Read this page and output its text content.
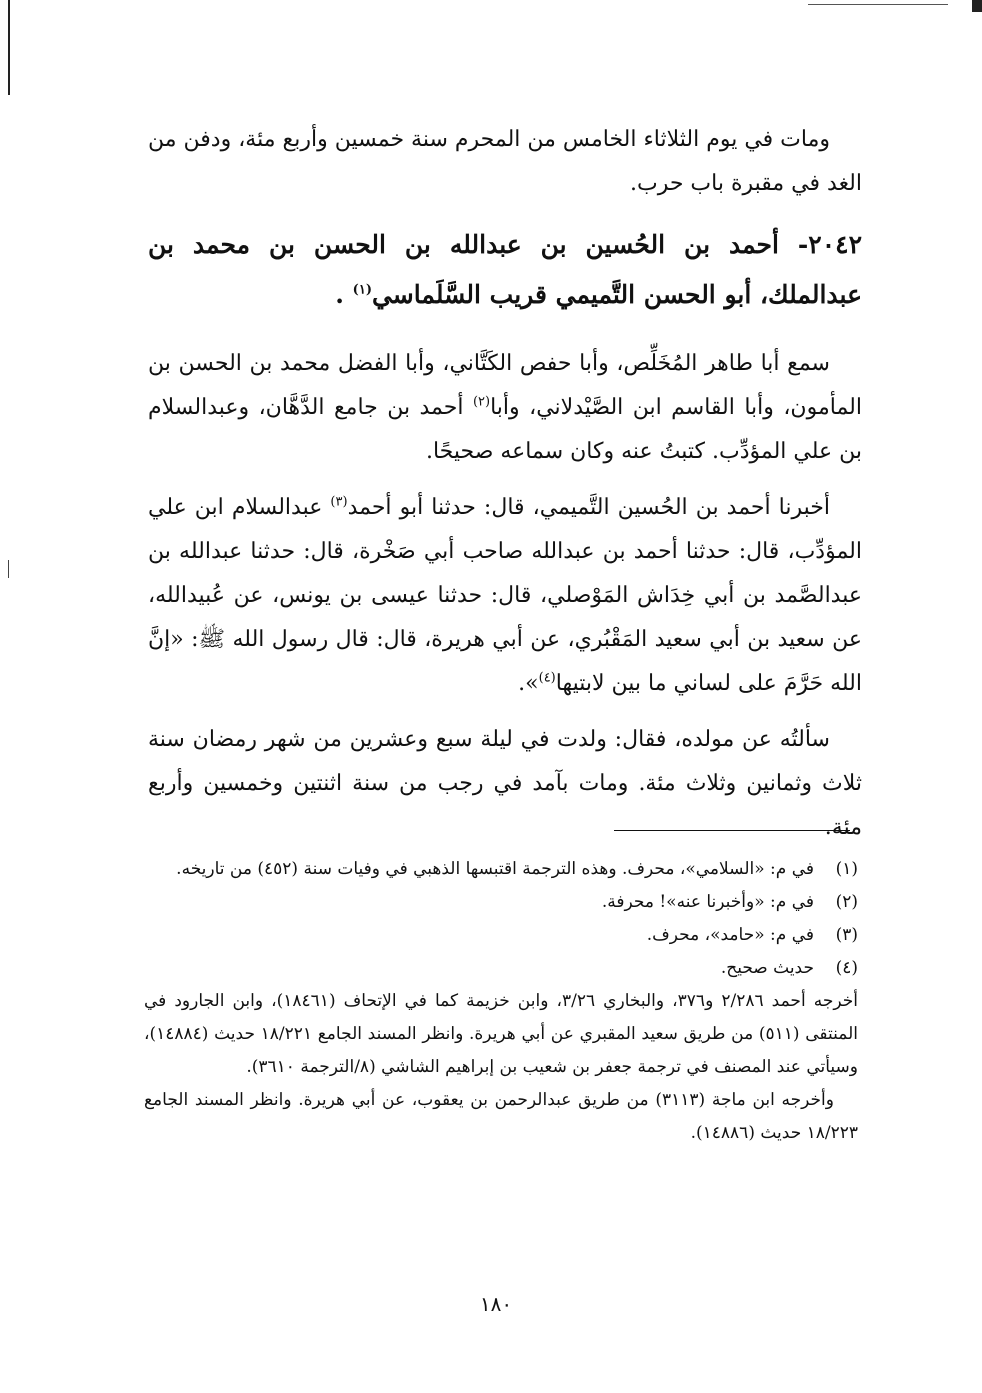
ومات في يوم الثلاثاء الخامس من المحرم سنة خمسين وأربع مئة، ودفن من الغد في مقبرة باب حرب.

٢٠٤٢- أحمد بن الحُسين بن عبدالله بن الحسن بن محمد بن عبدالملك، أبو الحسن التَّميمي قريب السَّلَماسي$^{(١)}$ .

سمع أبا طاهر المُخَلِّص، وأبا حفص الكَتَّاني، وأبا الفضل محمد بن الحسن بن المأمون، وأبا القاسم ابن الصَّيْدلاني، وأبا$^{(٢)}$ أحمد بن جامع الدَّهَّان، وعبدالسلام بن علي المؤدِّب. كتبتُ عنه وكان سماعه صحيحًا.

أخبرنا أحمد بن الحُسين التَّميمي، قال: حدثنا أبو أحمد$^{(٣)}$ عبدالسلام ابن علي المؤدِّب، قال: حدثنا أحمد بن عبدالله صاحب أبي صَخْرة، قال: حدثنا عبدالله بن عبدالصَّمد بن أبي خِدَاش المَوْصلي، قال: حدثنا عيسى بن يونس، عن عُبيدالله، عن سعيد بن أبي سعيد المَقْبُري، عن أبي هريرة، قال: قال رسول الله ﷺ: «إنَّ الله حَرَّمَ على لساني ما بين لابتيها$^{(٤)}$».

سألتُه عن مولده، فقال: ولدت في ليلة سبع وعشرين من شهر رمضان سنة ثلاث وثمانين وثلاث مئة. ومات بآمد في رجب من سنة اثنتين وخمسين وأربع مئة.

(١)
في م: «السلامي»، محرف. وهذه الترجمة اقتبسها الذهبي في وفيات سنة (٤٥٢) من تاريخه.
(٢)
في م: «وأخبرنا عنه»! محرفة.
(٣)
في م: «حامد»، محرف.
(٤)
حديث صحيح.

أخرجه أحمد ٢/٢٨٦ و٣٧٦، والبخاري ٣/٢٦، وابن خزيمة كما في الإتحاف (١٨٤٦١)، وابن الجارود في المنتقى (٥١١) من طريق سعيد المقبري عن أبي هريرة. وانظر المسند الجامع ١٨/٢٢١ حديث (١٤٨٨٤)، وسيأتي عند المصنف في ترجمة جعفر بن شعيب بن إبراهيم الشاشي (٨/الترجمة ٣٦١٠).

وأخرجه ابن ماجة (٣١١٣) من طريق عبدالرحمن بن يعقوب، عن أبي هريرة. وانظر المسند الجامع ١٨/٢٢٣ حديث (١٤٨٨٦).

١٨٠
